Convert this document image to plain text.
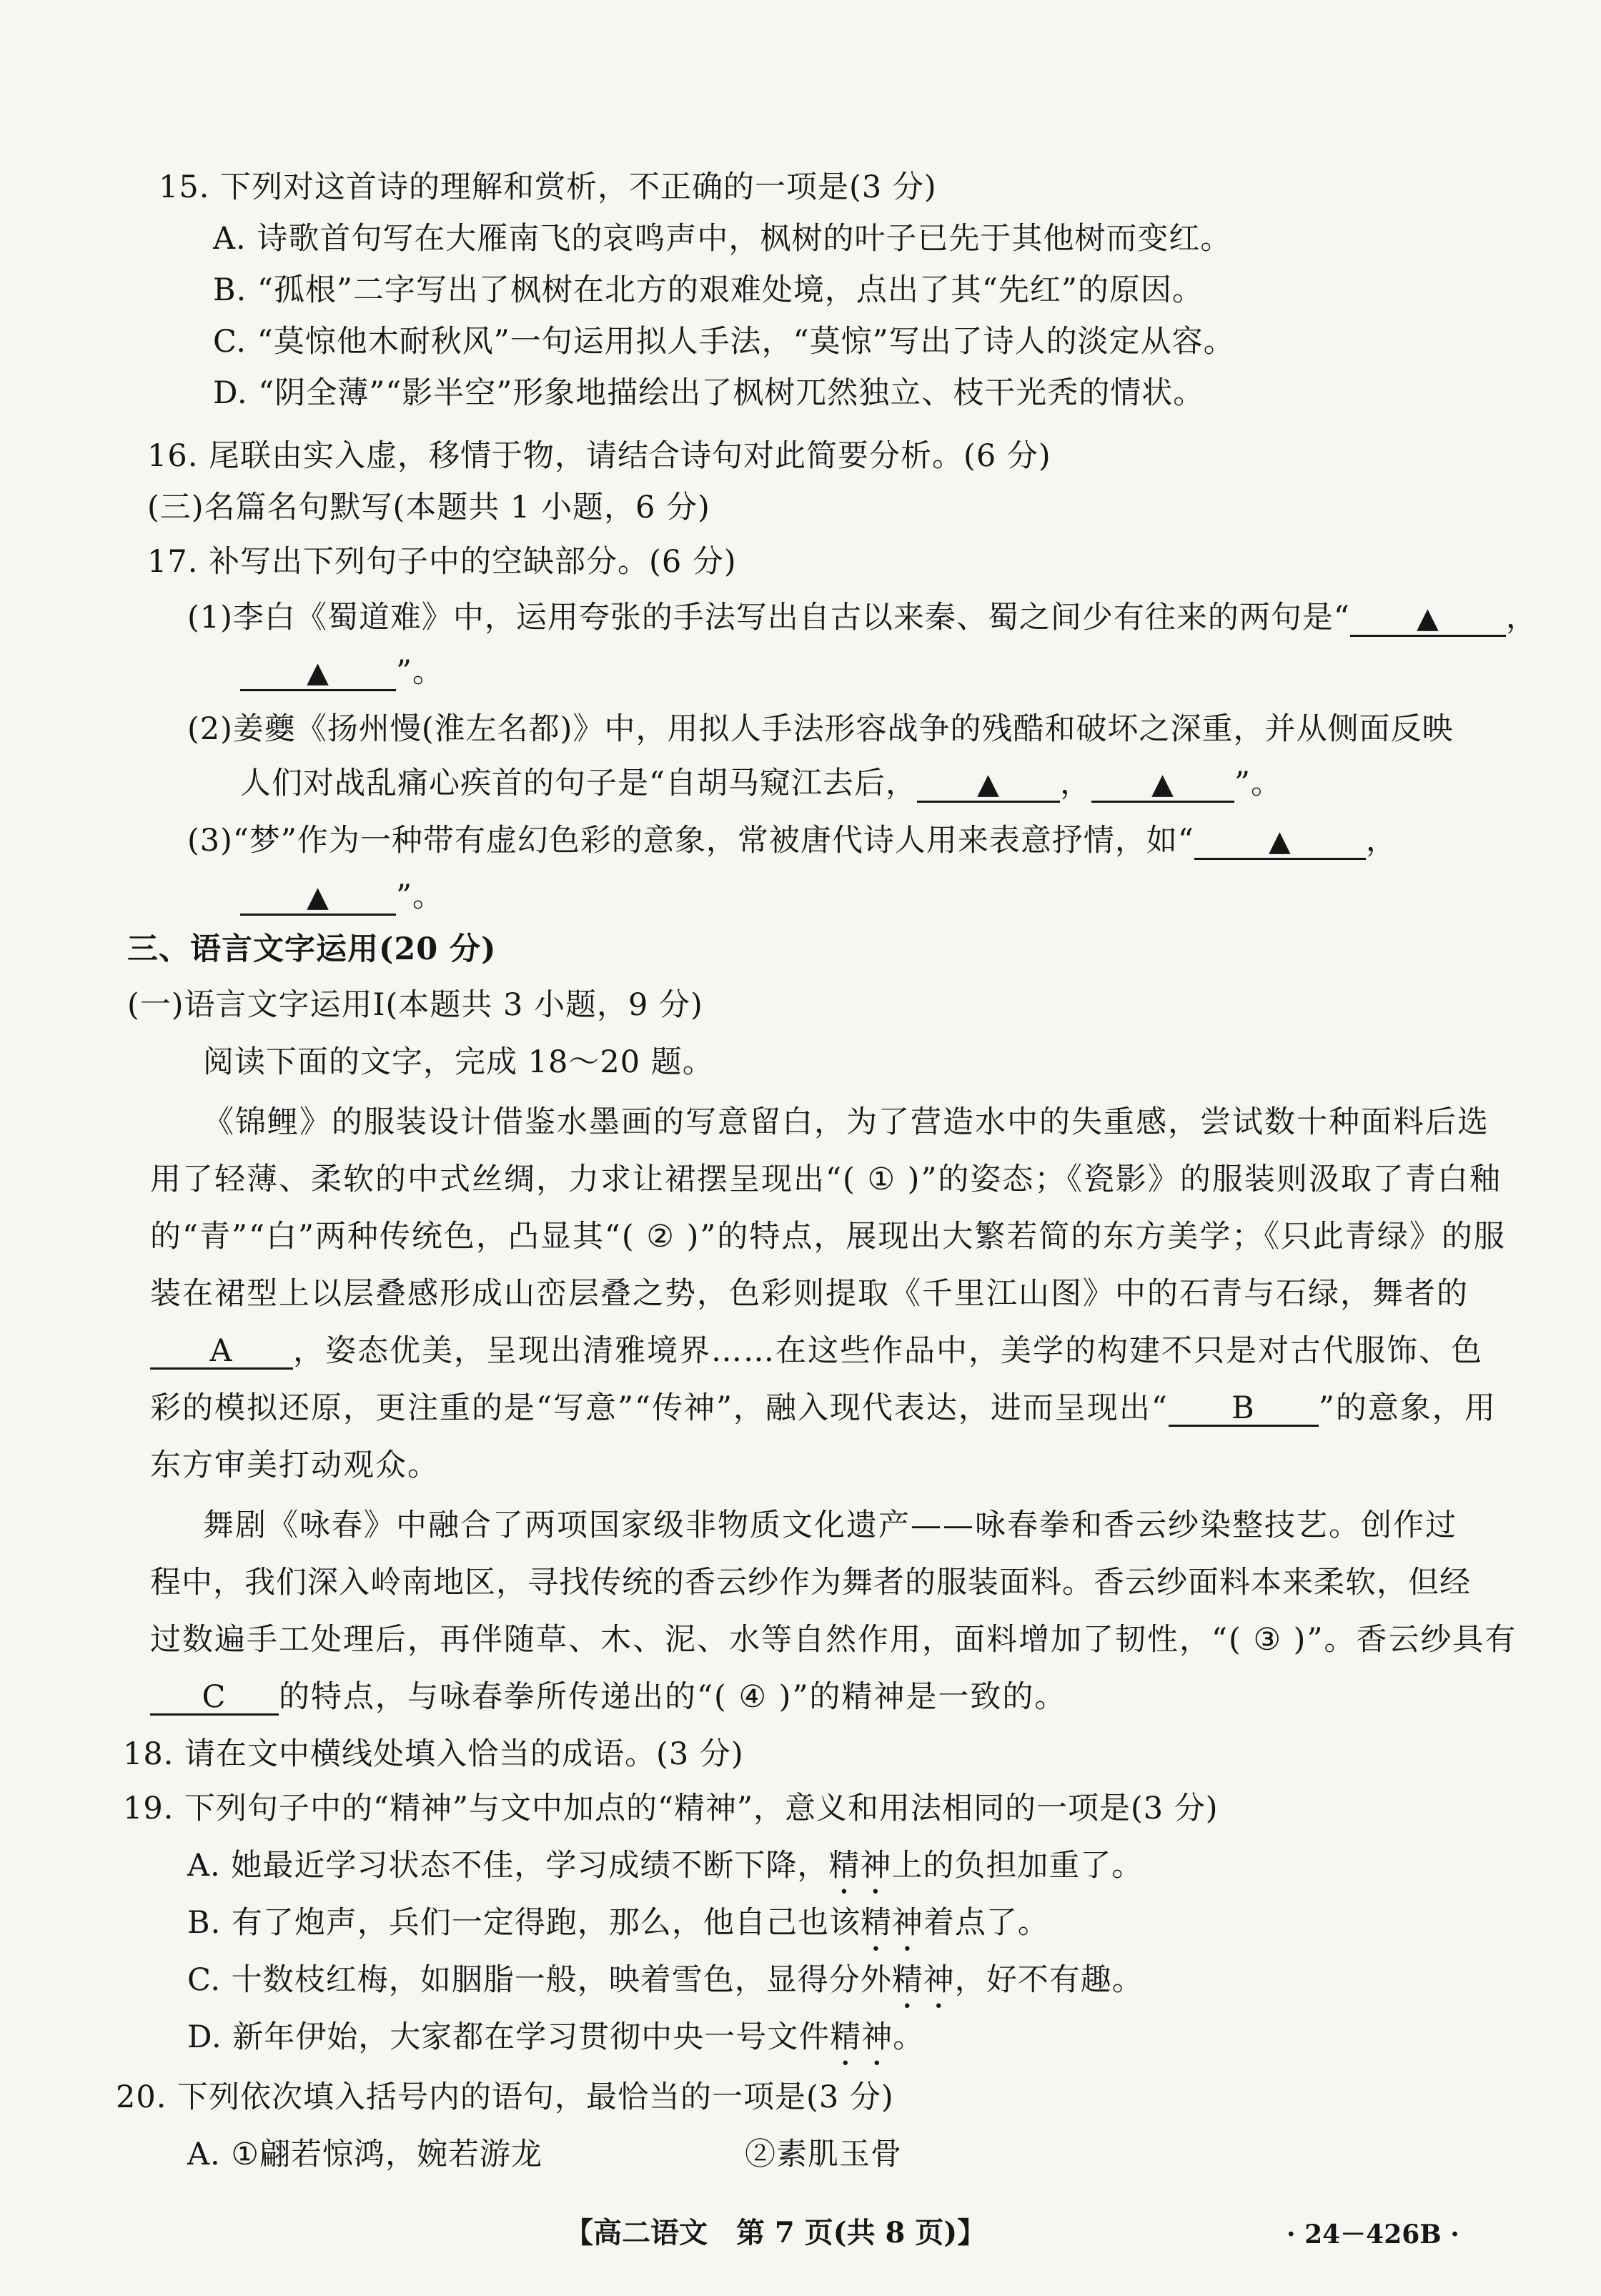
15. 下列对这首诗的理解和赏析，不正确的一项是(3 分)
A. 诗歌首句写在大雁南飞的哀鸣声中，枫树的叶子已先于其他树而变红。
B. “孤根”二字写出了枫树在北方的艰难处境，点出了其“先红”的原因。
C. “莫惊他木耐秋风”一句运用拟人手法，“莫惊”写出了诗人的淡定从容。
D. “阴全薄”“影半空”形象地描绘出了枫树兀然独立、枝干光秃的情状。
16. 尾联由实入虚，移情于物，请结合诗句对此简要分析。(6 分)
(三)名篇名句默写(本题共 1 小题，6 分)
17. 补写出下列句子中的空缺部分。(6 分)
(1)李白《蜀道难》中，运用夸张的手法写出自古以来秦、蜀之间少有往来的两句是“ ▲ ，
▲ ”。
(2)姜夔《扬州慢(淮左名都)》中，用拟人手法形容战争的残酷和破坏之深重，并从侧面反映
人们对战乱痛心疾首的句子是“自胡马窥江去后， ▲ ， ▲ ”。
(3)“梦”作为一种带有虚幻色彩的意象，常被唐代诗人用来表意抒情，如“	▲ ，
▲ ”。
三、语言文字运用(20 分)
(一)语言文字运用Ⅰ(本题共 3 小题，9 分)
阅读下面的文字，完成 18～20 题。
《锦鲤》的服装设计借鉴水墨画的写意留白，为了营造水中的失重感，尝试数十种面料后选
用了轻薄、柔软的中式丝绸，力求让裙摆呈现出“( ① )”的姿态；《瓷影》的服装则汲取了青白釉
的“青”“白”两种传统色，凸显其“( ② )”的特点，展现出大繁若简的东方美学；《只此青绿》的服
装在裙型上以层叠感形成山峦层叠之势，色彩则提取《千里江山图》中的石青与石绿，舞者的
A ，姿态优美，呈现出清雅境界……在这些作品中，美学的构建不只是对古代服饰、色
彩的模拟还原，更注重的是“写意”“传神”，融入现代表达，进而呈现出“ B ”的意象，用
东方审美打动观众。
舞剧《咏春》中融合了两项国家级非物质文化遗产——咏春拳和香云纱染整技艺。创作过
程中，我们深入岭南地区，寻找传统的香云纱作为舞者的服装面料。香云纱面料本来柔软，但经
过数遍手工处理后，再伴随草、木、泥、水等自然作用，面料增加了韧性，“( ③ )”。香云纱具有
C 的特点，与咏春拳所传递出的“( ④ )”的精神是一致的。
18. 请在文中横线处填入恰当的成语。(3 分)
19. 下列句子中的“精神”与文中加点的“精神”，意义和用法相同的一项是(3 分)
A. 她最近学习状态不佳，学习成绩不断下降，精神上的负担加重了。
B. 有了炮声，兵们一定得跑，那么，他自己也该精神着点了。
C. 十数枝红梅，如胭脂一般，映着雪色，显得分外精神，好不有趣。
D. 新年伊始，大家都在学习贯彻中央一号文件精神。
20. 下列依次填入括号内的语句，最恰当的一项是(3 分)
A. ①翩若惊鸿，婉若游龙	②素肌玉骨
【高二语文　第 7 页(共 8 页)】	· 24－426B ·
